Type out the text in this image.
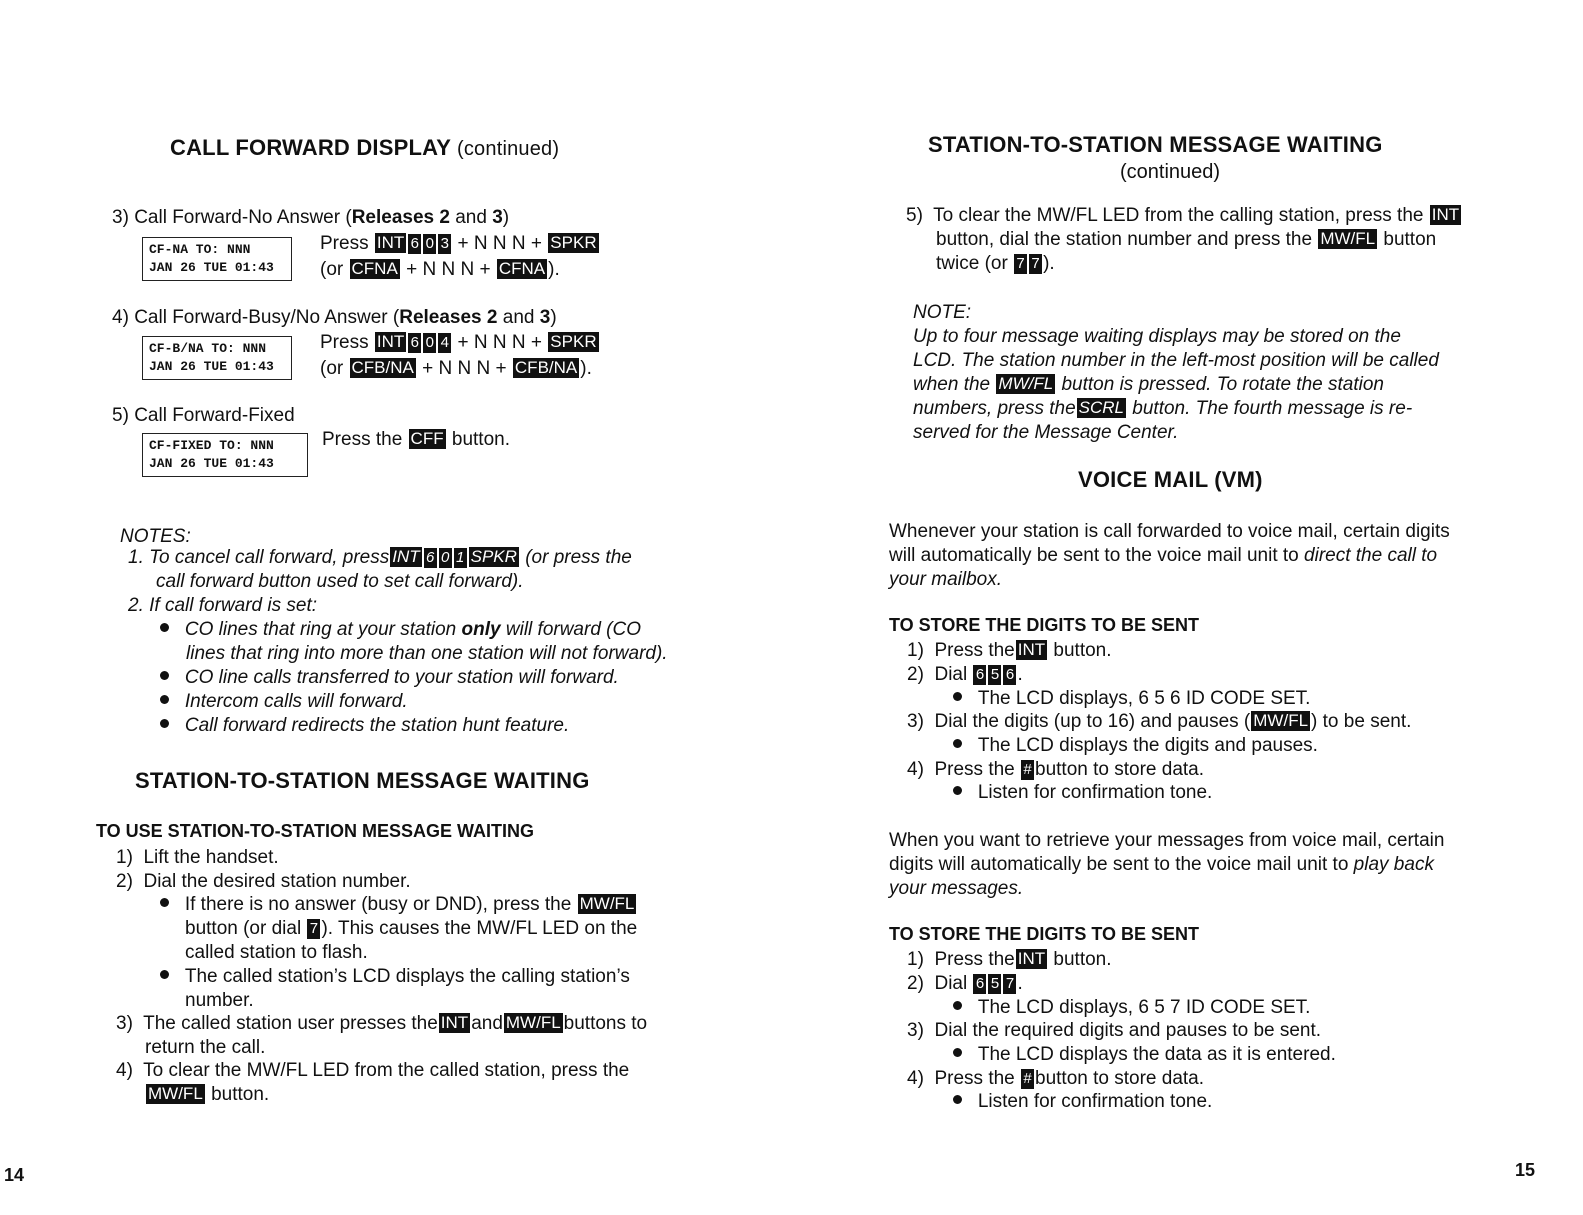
CALL FORWARD DISPLAY (continued)
3) Call Forward-No Answer (Releases 2 and 3)
CF-NA TO: NNN
JAN 26 TUE 01:43
Press INT 6 0 3 + N N N + SPKR
(or CFNA + N N N + CFNA ).
4) Call Forward-Busy/No Answer (Releases 2 and 3)
CF-B/NA TO: NNN
JAN 26 TUE 01:43
Press INT 6 0 4 + N N N + SPKR
(or CFB/NA + N N N + CFB/NA ).
5) Call Forward-Fixed
CF-FIXED TO: NNN
JAN 26 TUE 01:43
Press the CFF button.
NOTES:
1. To cancel call forward, press INT 6 0 1 SPKR (or press the
call forward button used to set call forward).
2. If call forward is set:
CO lines that ring at your station only will forward (CO
lines that ring into more than one station will not forward).
CO line calls transferred to your station will forward.
Intercom calls will forward.
Call forward redirects the station hunt feature.
STATION-TO-STATION MESSAGE WAITING
TO USE STATION-TO-STATION MESSAGE WAITING
1) Lift the handset.
2) Dial the desired station number.
If there is no answer (busy or DND), press the MW/FL
button (or dial 7 ). This causes the MW/FL LED on the
called station to flash.
The called station’s LCD displays the calling station’s
number.
3) The called station user presses the INT and MW/FL buttons to
return the call.
4) To clear the MW/FL LED from the called station, press the
MW/FL button.
14
STATION-TO-STATION MESSAGE WAITING
(continued)
5) To clear the MW/FL LED from the calling station, press the INT
button, dial the station number and press the MW/FL button
twice (or 7 7 ).
NOTE:
Up to four message waiting displays may be stored on the
LCD. The station number in the left-most position will be called
when the MW/FL button is pressed. To rotate the station
numbers, press the SCRL button. The fourth message is re-
served for the Message Center.
VOICE MAIL (VM)
Whenever your station is call forwarded to voice mail, certain digits
will automatically be sent to the voice mail unit to direct the call to
your mailbox.
TO STORE THE DIGITS TO BE SENT
1) Press the INT button.
2) Dial 6 5 6 .
The LCD displays, 6 5 6 ID CODE SET.
3) Dial the digits (up to 16) and pauses ( MW/FL ) to be sent.
The LCD displays the digits and pauses.
4) Press the # button to store data.
Listen for confirmation tone.
When you want to retrieve your messages from voice mail, certain
digits will automatically be sent to the voice mail unit to play back
your messages.
TO STORE THE DIGITS TO BE SENT
1) Press the INT button.
2) Dial 6 5 7 .
The LCD displays, 6 5 7 ID CODE SET.
3) Dial the required digits and pauses to be sent.
The LCD displays the data as it is entered.
4) Press the # button to store data.
Listen for confirmation tone.
15
